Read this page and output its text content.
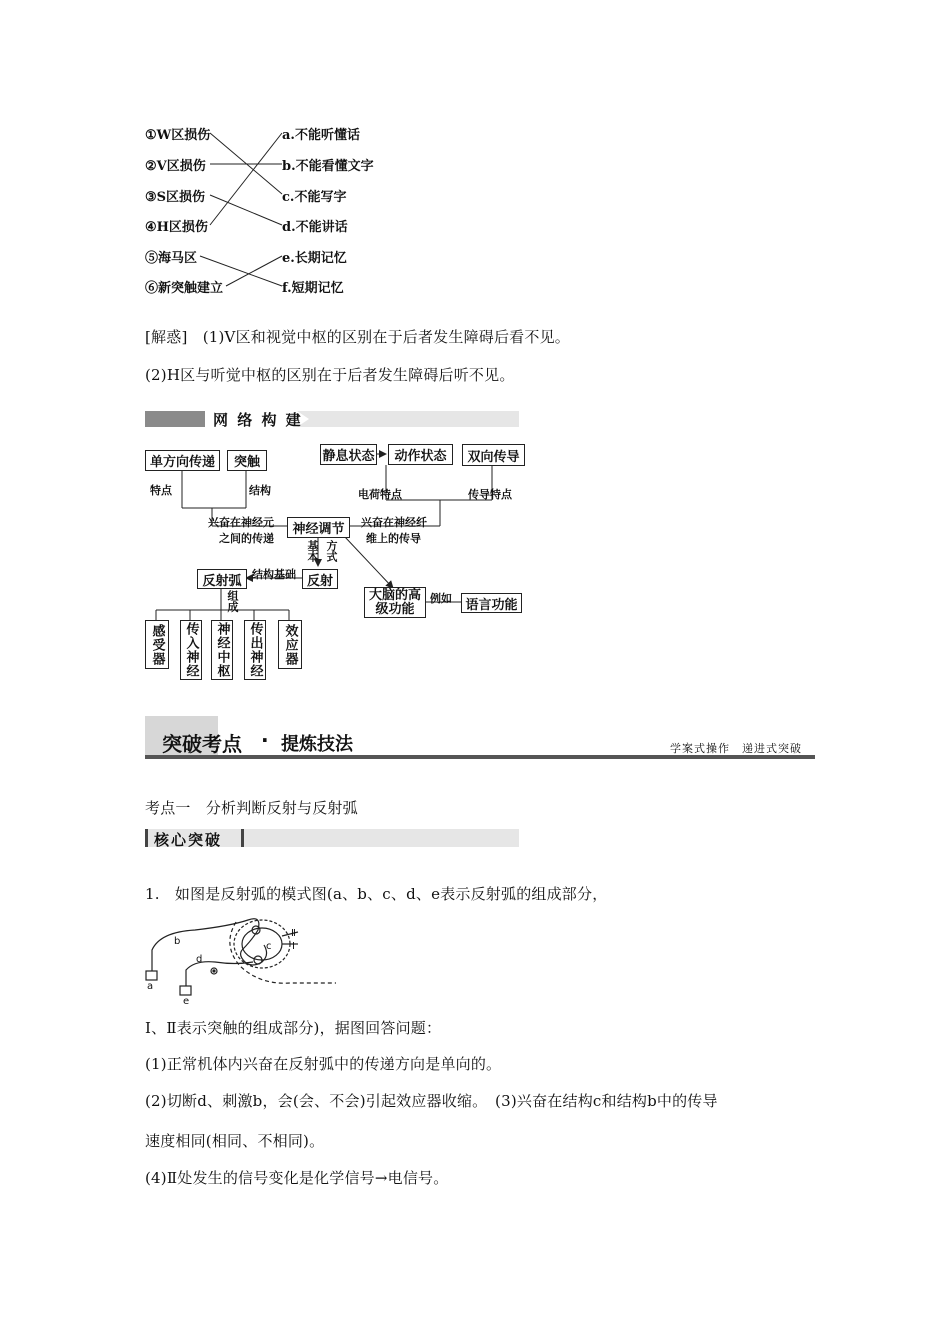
①W区损伤
②V区损伤
③S区损伤
④H区损伤
⑤海马区
⑥新突触建立
a.不能听懂话
b.不能看懂文字
c.不能写字
d.不能讲话
e.长期记忆
f.短期记忆
[解惑]　(1)V区和视觉中枢的区别在于后者发生障碍后看不见。
(2)H区与听觉中枢的区别在于后者发生障碍后听不见。
网 络 构 建
单方向传递	突触	静息状态	动作状态	双向传导
神经调节
反射弧	反射
大脑的高级功能	语言功能
感受器	传入神经 神经中枢 传出神经	效应器
特点	结构	电荷特点	传导特点
兴奋在神经元
之间的传递
兴奋在神经纤
维上的传导
基本 方式
结构基础
组成	例如
突破考点 · 提炼技法	学案式操作　递进式突破
考点一　分析判断反射与反射弧
核心突破
1.　如图是反射弧的模式图(a、b、c、d、e表示反射弧的组成部分，
a
b	c
d
e
Ⅱ
Ⅰ
Ⅰ、Ⅱ表示突触的组成部分)，据图回答问题：
(1)正常机体内兴奋在反射弧中的传递方向是单向的。
(2)切断d、刺激b，会(会、不会)引起效应器收缩。　(3)兴奋在结构c和结构b中的传导
速度相同(相同、不相同)。
(4)Ⅱ处发生的信号变化是化学信号→电信号。
